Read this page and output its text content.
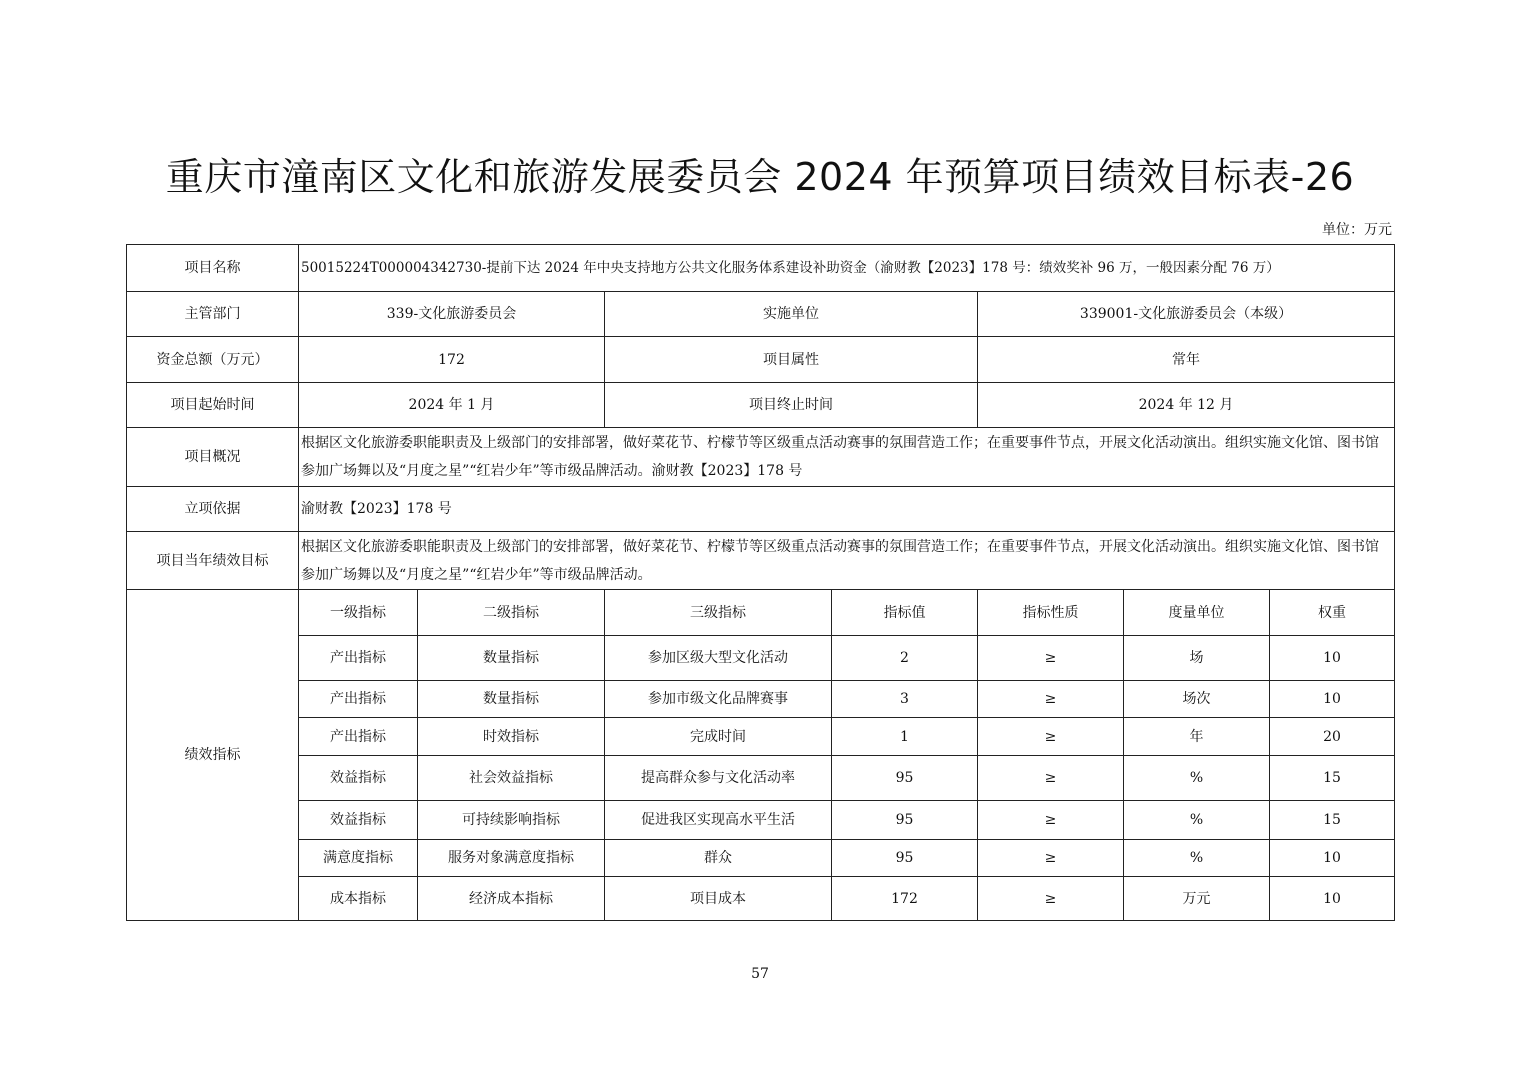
重庆市潼南区文化和旅游发展委员会 2024 年预算项目绩效目标表-26
单位：万元
项目名称	50015224T000004342730-提前下达 2024 年中央支持地方公共文化服务体系建设补助资金（渝财教【2023】178 号：绩效奖补 96 万，一般因素分配 76 万）						
主管部门	339-文化旅游委员会		实施单位		339001-文化旅游委员会（本级）		
资金总额（万元）	172		项目属性		常年		
项目起始时间	2024 年 1 月		项目终止时间		2024 年 12 月		
项目概况	根据区文化旅游委职能职责及上级部门的安排部署，做好菜花节、柠檬节等区级重点活动赛事的氛围营造工作；在重要事件节点，开展文化活动演出。组织实施文化馆、图书馆参加广场舞以及“月度之星”“红岩少年”等市级品牌活动。渝财教【2023】178 号						
立项依据	渝财教【2023】178 号						
项目当年绩效目标	根据区文化旅游委职能职责及上级部门的安排部署，做好菜花节、柠檬节等区级重点活动赛事的氛围营造工作；在重要事件节点，开展文化活动演出。组织实施文化馆、图书馆参加广场舞以及“月度之星”“红岩少年”等市级品牌活动。						
绩效指标	一级指标	二级指标	三级指标	指标值	指标性质	度量单位	权重
	产出指标	数量指标	参加区级大型文化活动	2	≥	场	10
	产出指标	数量指标	参加市级文化品牌赛事	3	≥	场次	10
	产出指标	时效指标	完成时间	1	≥	年	20
	效益指标	社会效益指标	提高群众参与文化活动率	95	≥	%	15
	效益指标	可持续影响指标	促进我区实现高水平生活	95	≥	%	15
	满意度指标	服务对象满意度指标	群众	95	≥	%	10
	成本指标	经济成本指标	项目成本	172	≥	万元	10
57
